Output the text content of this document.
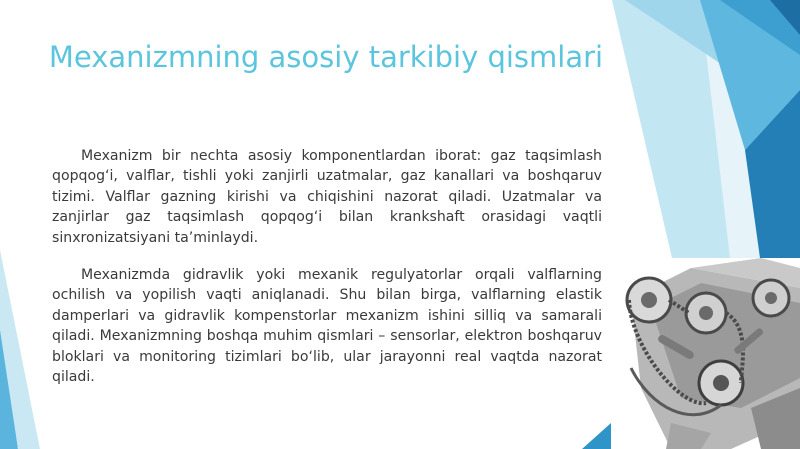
Mexanizmning asosiy tarkibiy qismlari

Mexanizm bir nechta asosiy komponentlardan iborat: gaz taqsimlash qopqog‘i, valflar, tishli yoki zanjirli uzatmalar, gaz kanallari va boshqaruv tizimi. Valflar gazning kirishi va chiqishini nazorat qiladi. Uzatmalar va zanjirlar gaz taqsimlash qopqog‘i bilan krankshaft orasidagi vaqtli sinxronizatsiyani ta’minlaydi.

Mexanizmda gidravlik yoki mexanik regulyatorlar orqali valflarning ochilish va yopilish vaqti aniqlanadi. Shu bilan birga, valflarning elastik damperlari va gidravlik kompenstorlar mexanizm ishini silliq va samarali qiladi. Mexanizmning boshqa muhim qismlari – sensorlar, elektron boshqaruv bloklari va monitoring tizimlari bo‘lib, ular jarayonni real vaqtda nazorat qiladi.
